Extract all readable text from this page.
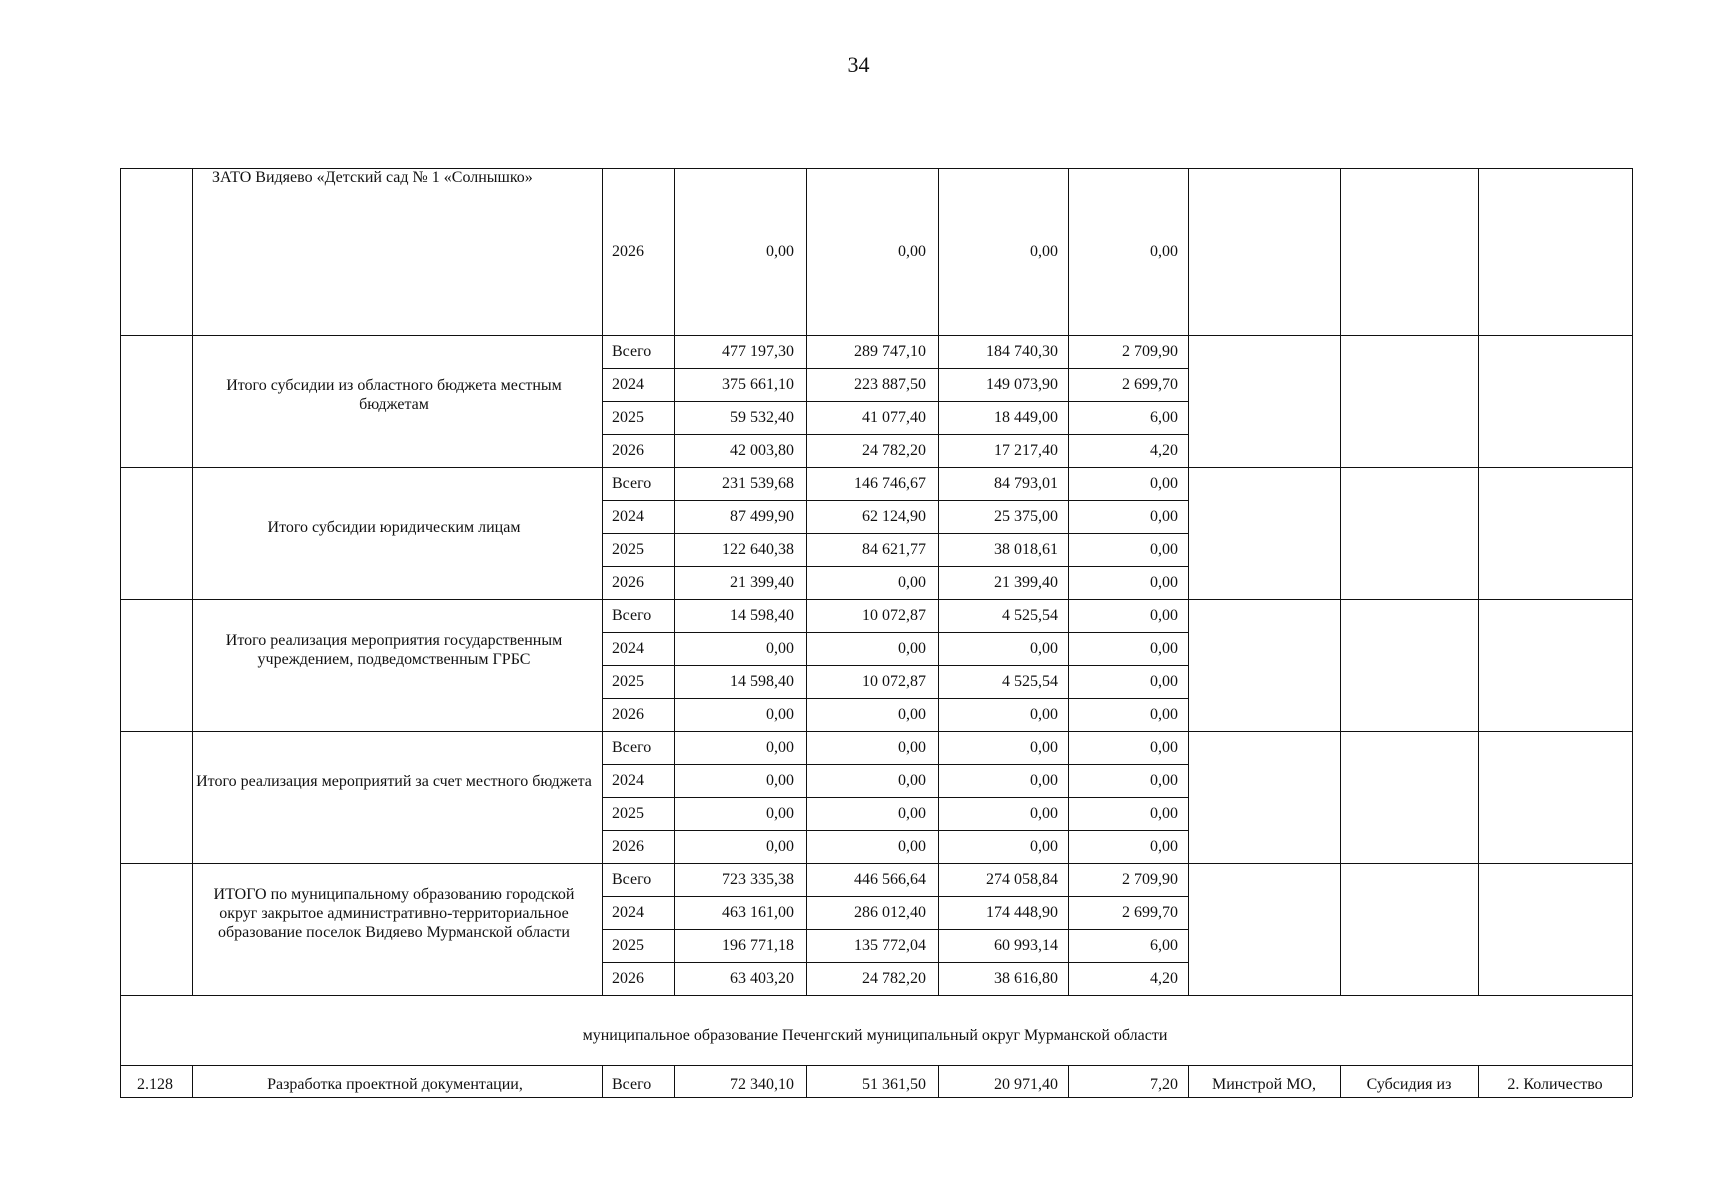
34
ЗАТО Видяево «Детский сад № 1 «Солнышко»
2026	0,00	0,00	0,00	0,00
Итого субсидии из областного бюджета местным бюджетам
Всего	477 197,30	289 747,10	184 740,30	2 709,90
2024	375 661,10	223 887,50	149 073,90	2 699,70
2025	59 532,40	41 077,40	18 449,00	6,00
2026	42 003,80	24 782,20	17 217,40	4,20
Итого субсидии юридическим лицам
Всего	231 539,68	146 746,67	84 793,01	0,00
2024	87 499,90	62 124,90	25 375,00	0,00
2025	122 640,38	84 621,77	38 018,61	0,00
2026	21 399,40	0,00	21 399,40	0,00
Итого реализация мероприятия государственным учреждением, подведомственным ГРБС
Всего	14 598,40	10 072,87	4 525,54	0,00
2024	0,00	0,00	0,00	0,00
2025	14 598,40	10 072,87	4 525,54	0,00
2026	0,00	0,00	0,00	0,00
Итого реализация мероприятий за счет местного бюджета
Всего	0,00	0,00	0,00	0,00
2024	0,00	0,00	0,00	0,00
2025	0,00	0,00	0,00	0,00
2026	0,00	0,00	0,00	0,00
ИТОГО по муниципальному образованию городской округ закрытое административно-территориальное образование поселок Видяево Мурманской области
Всего	723 335,38	446 566,64	274 058,84	2 709,90
2024	463 161,00	286 012,40	174 448,90	2 699,70
2025	196 771,18	135 772,04	60 993,14	6,00
2026	63 403,20	24 782,20	38 616,80	4,20
муниципальное образование Печенгский муниципальный округ Мурманской области
2.128	Разработка проектной документации,	Всего	72 340,10	51 361,50	20 971,40	7,20	Минстрой МО,	Субсидия из	2. Количество
